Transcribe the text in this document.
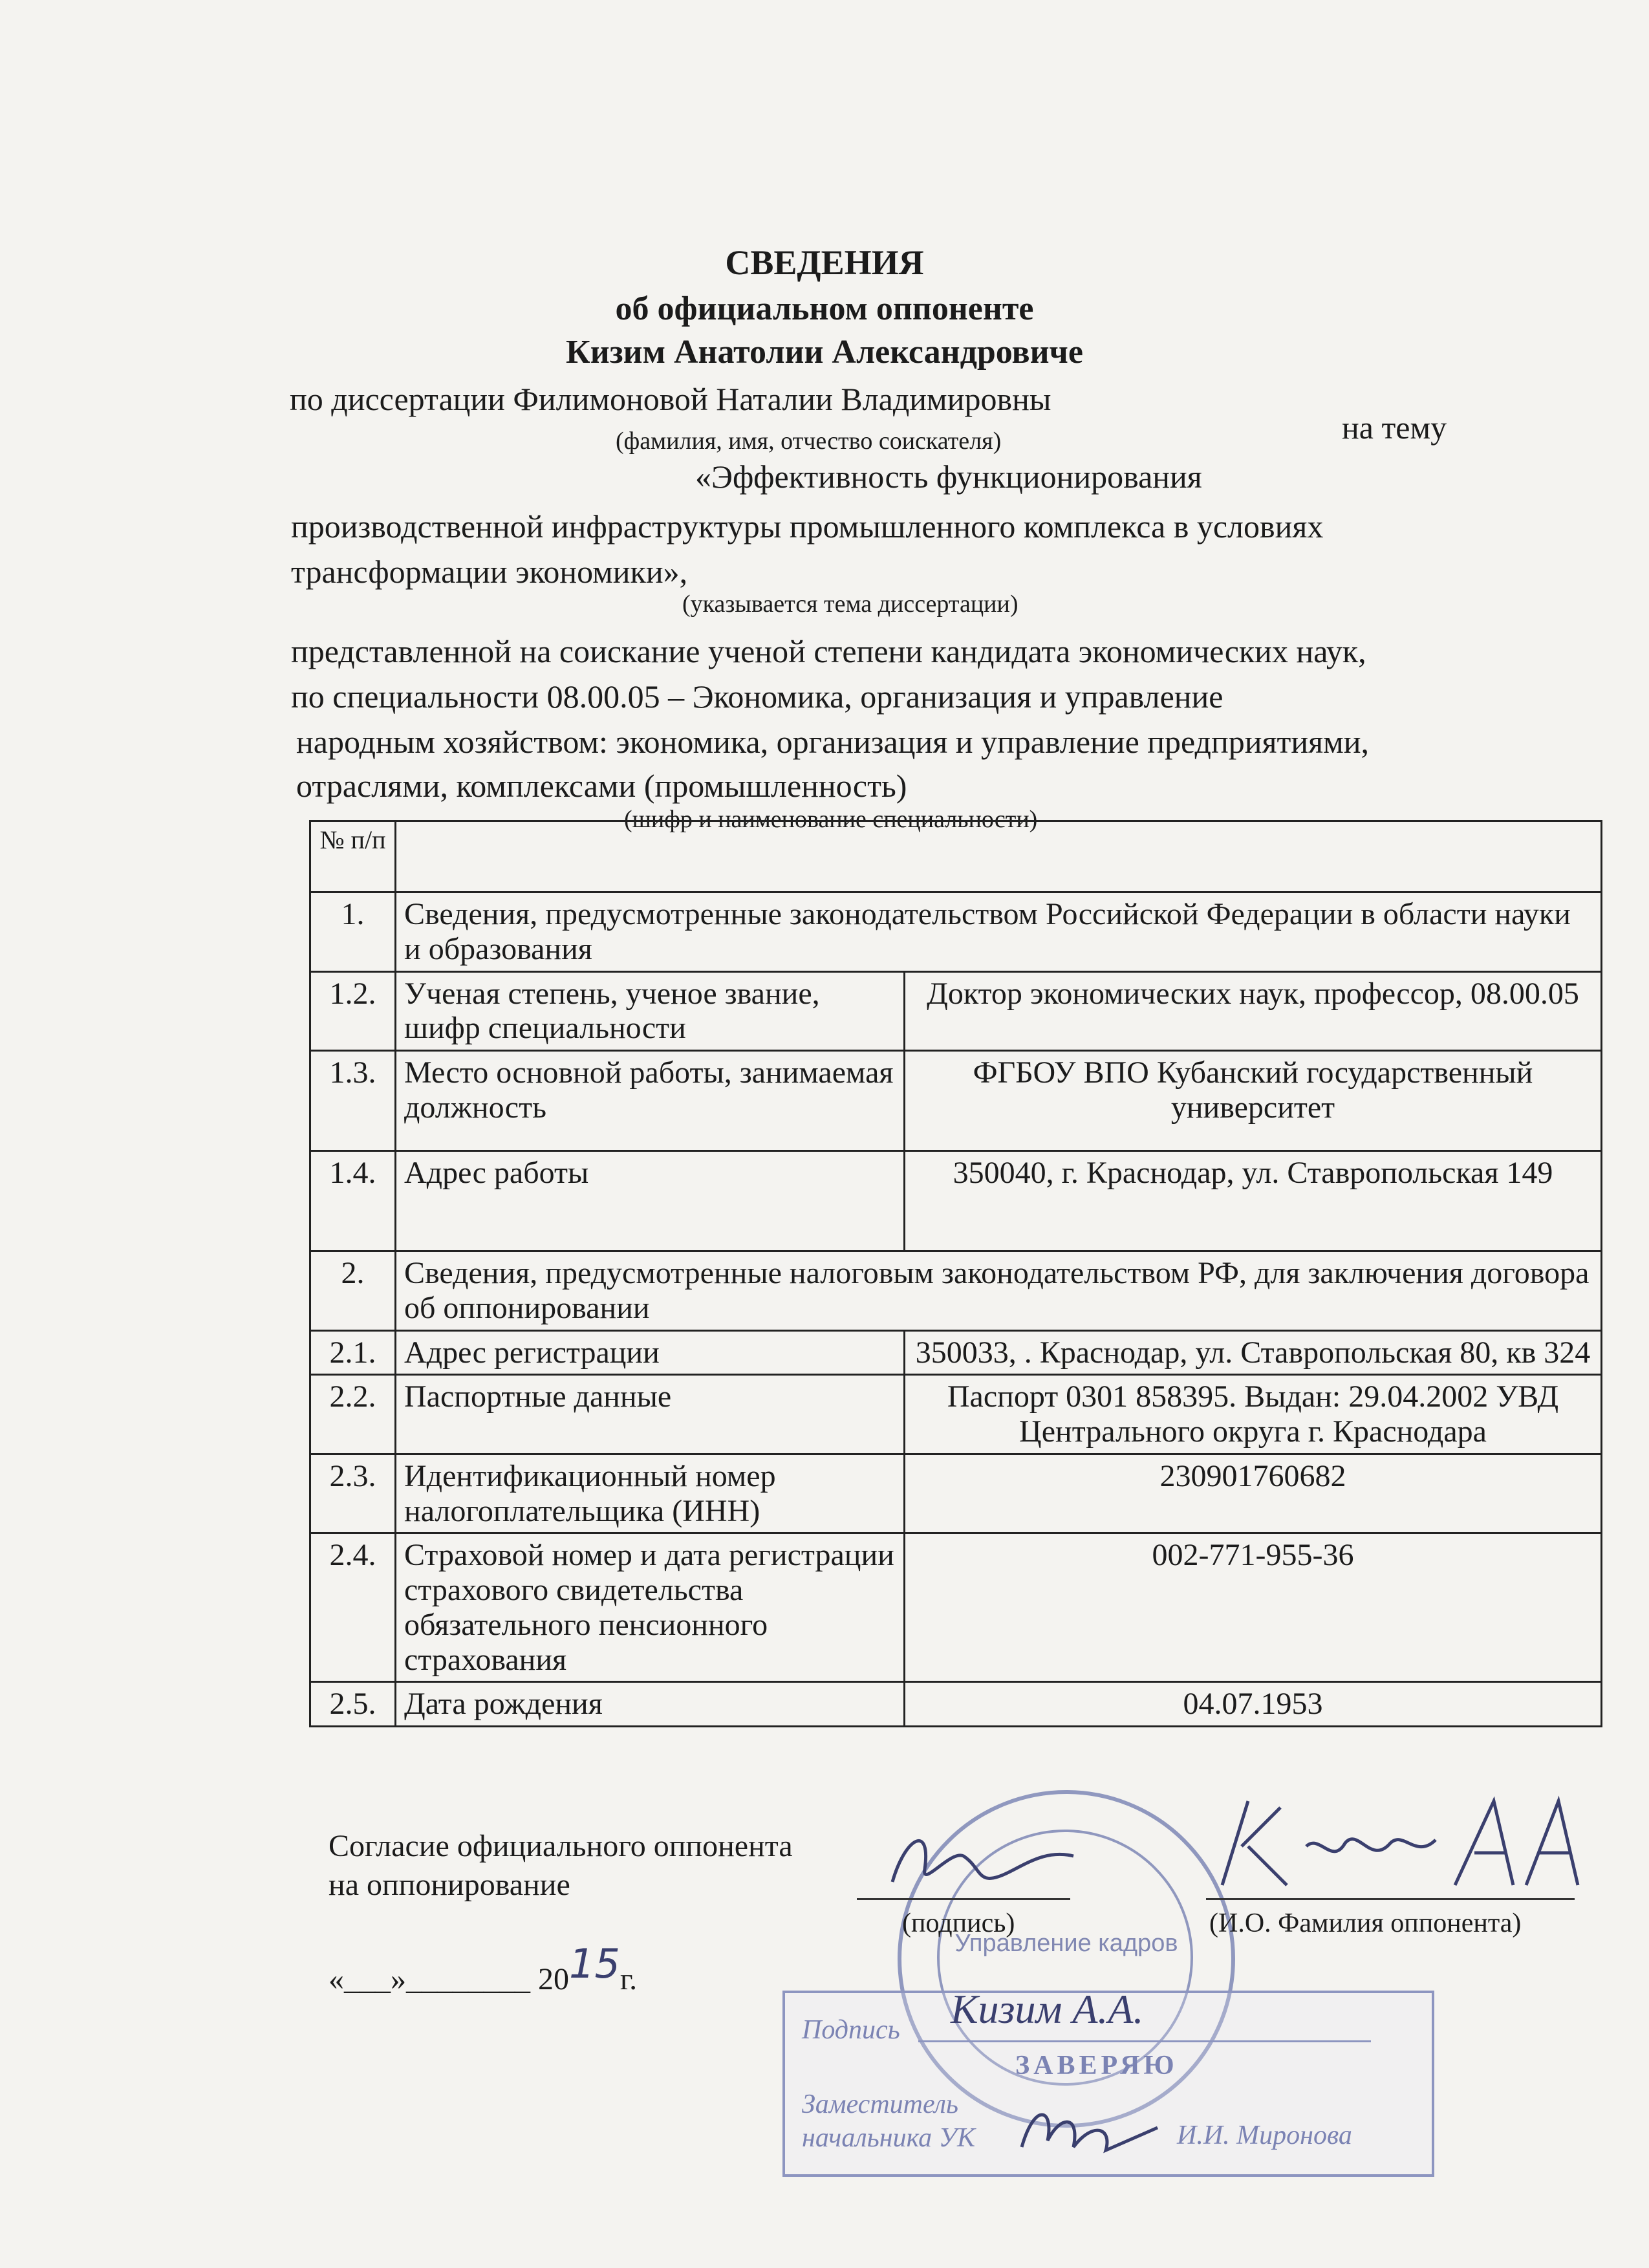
СВЕДЕНИЯ
об официальном оппоненте
Кизим Анатолии Александровиче
по диссертации Филимоновой Наталии Владимировны
(фамилия, имя, отчество соискателя)	на тему
«Эффективность функционирования
производственной инфраструктуры промышленного комплекса в условиях
трансформации экономики»,
(указывается тема диссертации)
представленной на соискание ученой степени кандидата экономических наук,
по специальности 08.00.05 – Экономика, организация и управление
народным хозяйством: экономика, организация и управление предприятиями,
отраслями, комплексами (промышленность)
(шифр и наименование специальности)
№ п/п		
1.	Сведения, предусмотренные законодательством Российской Федерации в области науки и образования	
1.2.	Ученая степень, ученое звание, шифр специальности	Доктор экономических наук, профессор, 08.00.05
1.3.	Место основной работы, занимаемая должность	ФГБОУ ВПО Кубанский государственный университет
1.4.	Адрес работы	350040, г. Краснодар, ул. Ставропольская 149
2.	Сведения, предусмотренные налоговым законодательством РФ, для заключения договора об оппонировании	
2.1.	Адрес регистрации	350033, . Краснодар, ул. Ставропольская 80, кв 324
2.2.	Паспортные данные	Паспорт 0301 858395. Выдан: 29.04.2002 УВД Центрального округа г. Краснодара
2.3.	Идентификационный номер налогоплательщика (ИНН)	230901760682
2.4.	Страховой номер и дата регистрации страхового свидетельства обязательного пенсионного страхования	002-771-955-36
2.5.	Дата рождения	04.07.1953
Управление кадров
Согласие официального оппонента на оппонирование
(подпись)	(И.О. Фамилия оппонента)
«___»________ 2015г.
Подпись Кизим А.А.
ЗАВЕРЯЮ
Заместитель
начальника УК	И.И. Миронова
